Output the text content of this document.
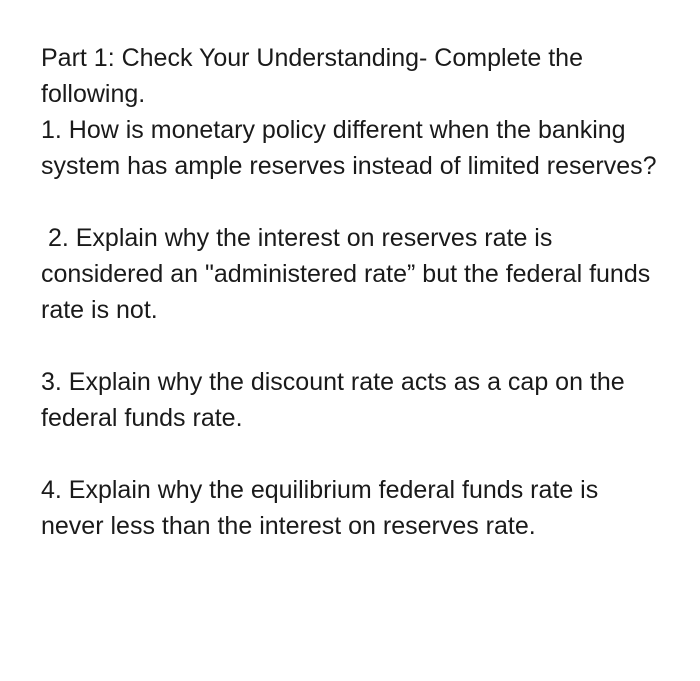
Part 1: Check Your Understanding- Complete the following.

1. How is monetary policy different when the banking system has ample reserves instead of limited reserves?

2. Explain why the interest on reserves rate is considered an "administered rate” but the federal funds rate is not.

3. Explain why the discount rate acts as a cap on the federal funds rate.

4. Explain why the equilibrium federal funds rate is never less than the interest on reserves rate.
